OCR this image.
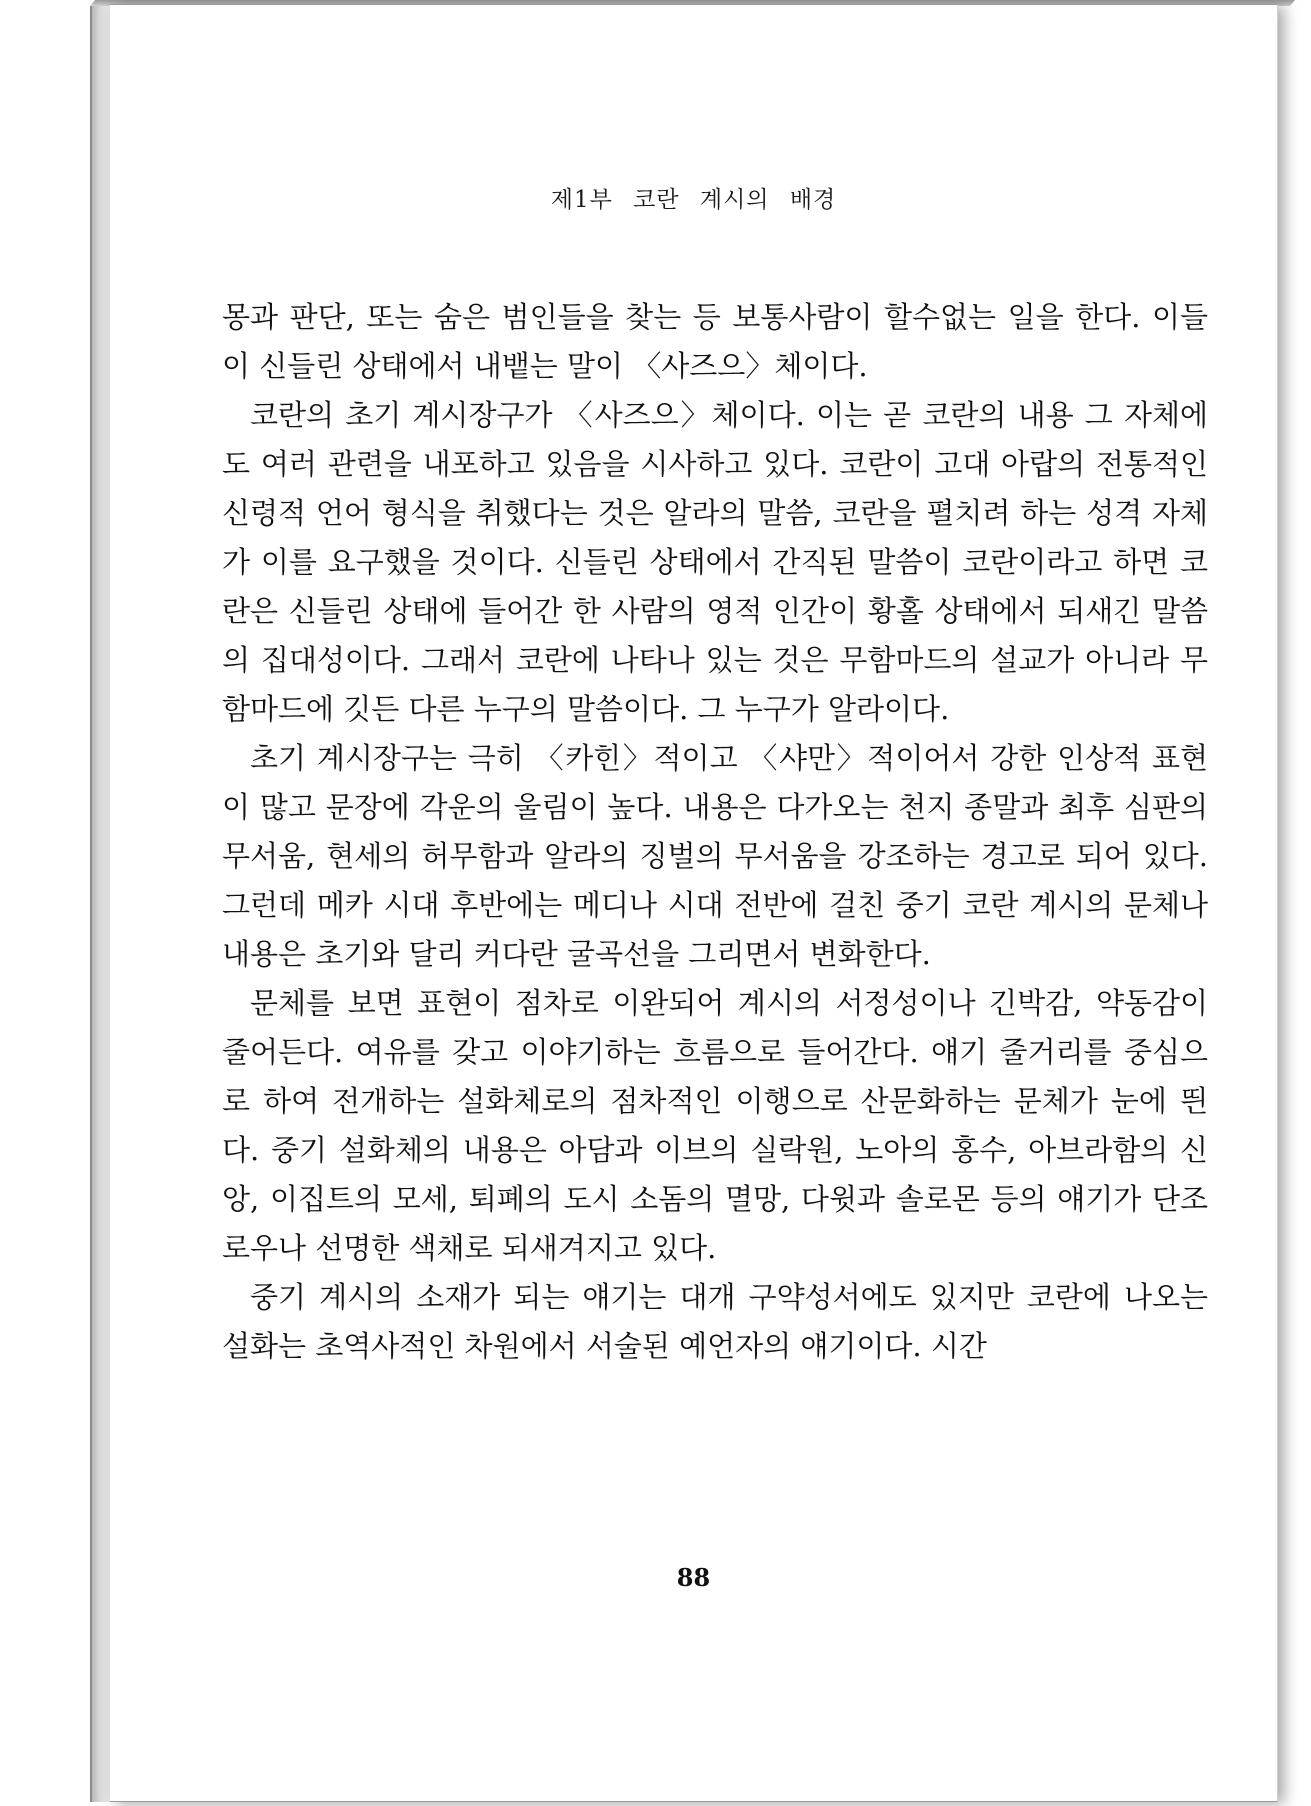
제1부 코란 계시의 배경

몽과 판단, 또는 숨은 범인들을 찾는 등 보통사람이 할수없는 일을 한다. 이들이 신들린 상태에서 내뱉는 말이 〈사즈으〉체이다.

코란의 초기 계시장구가 〈사즈으〉체이다. 이는 곧 코란의 내용 그 자체에도 여러 관련을 내포하고 있음을 시사하고 있다. 코란이 고대 아랍의 전통적인 신령적 언어 형식을 취했다는 것은 알라의 말씀, 코란을 펼치려 하는 성격 자체가 이를 요구했을 것이다. 신들린 상태에서 간직된 말씀이 코란이라고 하면 코란은 신들린 상태에 들어간 한 사람의 영적 인간이 황홀 상태에서 되새긴 말씀의 집대성이다. 그래서 코란에 나타나 있는 것은 무함마드의 설교가 아니라 무함마드에 깃든 다른 누구의 말씀이다. 그 누구가 알라이다.

초기 계시장구는 극히 〈카힌〉적이고 〈샤만〉적이어서 강한 인상적 표현이 많고 문장에 각운의 울림이 높다. 내용은 다가오는 천지 종말과 최후 심판의 무서움, 현세의 허무함과 알라의 징벌의 무서움을 강조하는 경고로 되어 있다. 그런데 메카 시대 후반에는 메디나 시대 전반에 걸친 중기 코란 계시의 문체나 내용은 초기와 달리 커다란 굴곡선을 그리면서 변화한다.

문체를 보면 표현이 점차로 이완되어 계시의 서정성이나 긴박감, 약동감이 줄어든다. 여유를 갖고 이야기하는 흐름으로 들어간다. 얘기 줄거리를 중심으로 하여 전개하는 설화체로의 점차적인 이행으로 산문화하는 문체가 눈에 띈다. 중기 설화체의 내용은 아담과 이브의 실락원, 노아의 홍수, 아브라함의 신앙, 이집트의 모세, 퇴폐의 도시 소돔의 멸망, 다윗과 솔로몬 등의 얘기가 단조로우나 선명한 색채로 되새겨지고 있다.

중기 계시의 소재가 되는 얘기는 대개 구약성서에도 있지만 코란에 나오는 설화는 초역사적인 차원에서 서술된 예언자의 얘기이다. 시간

88
